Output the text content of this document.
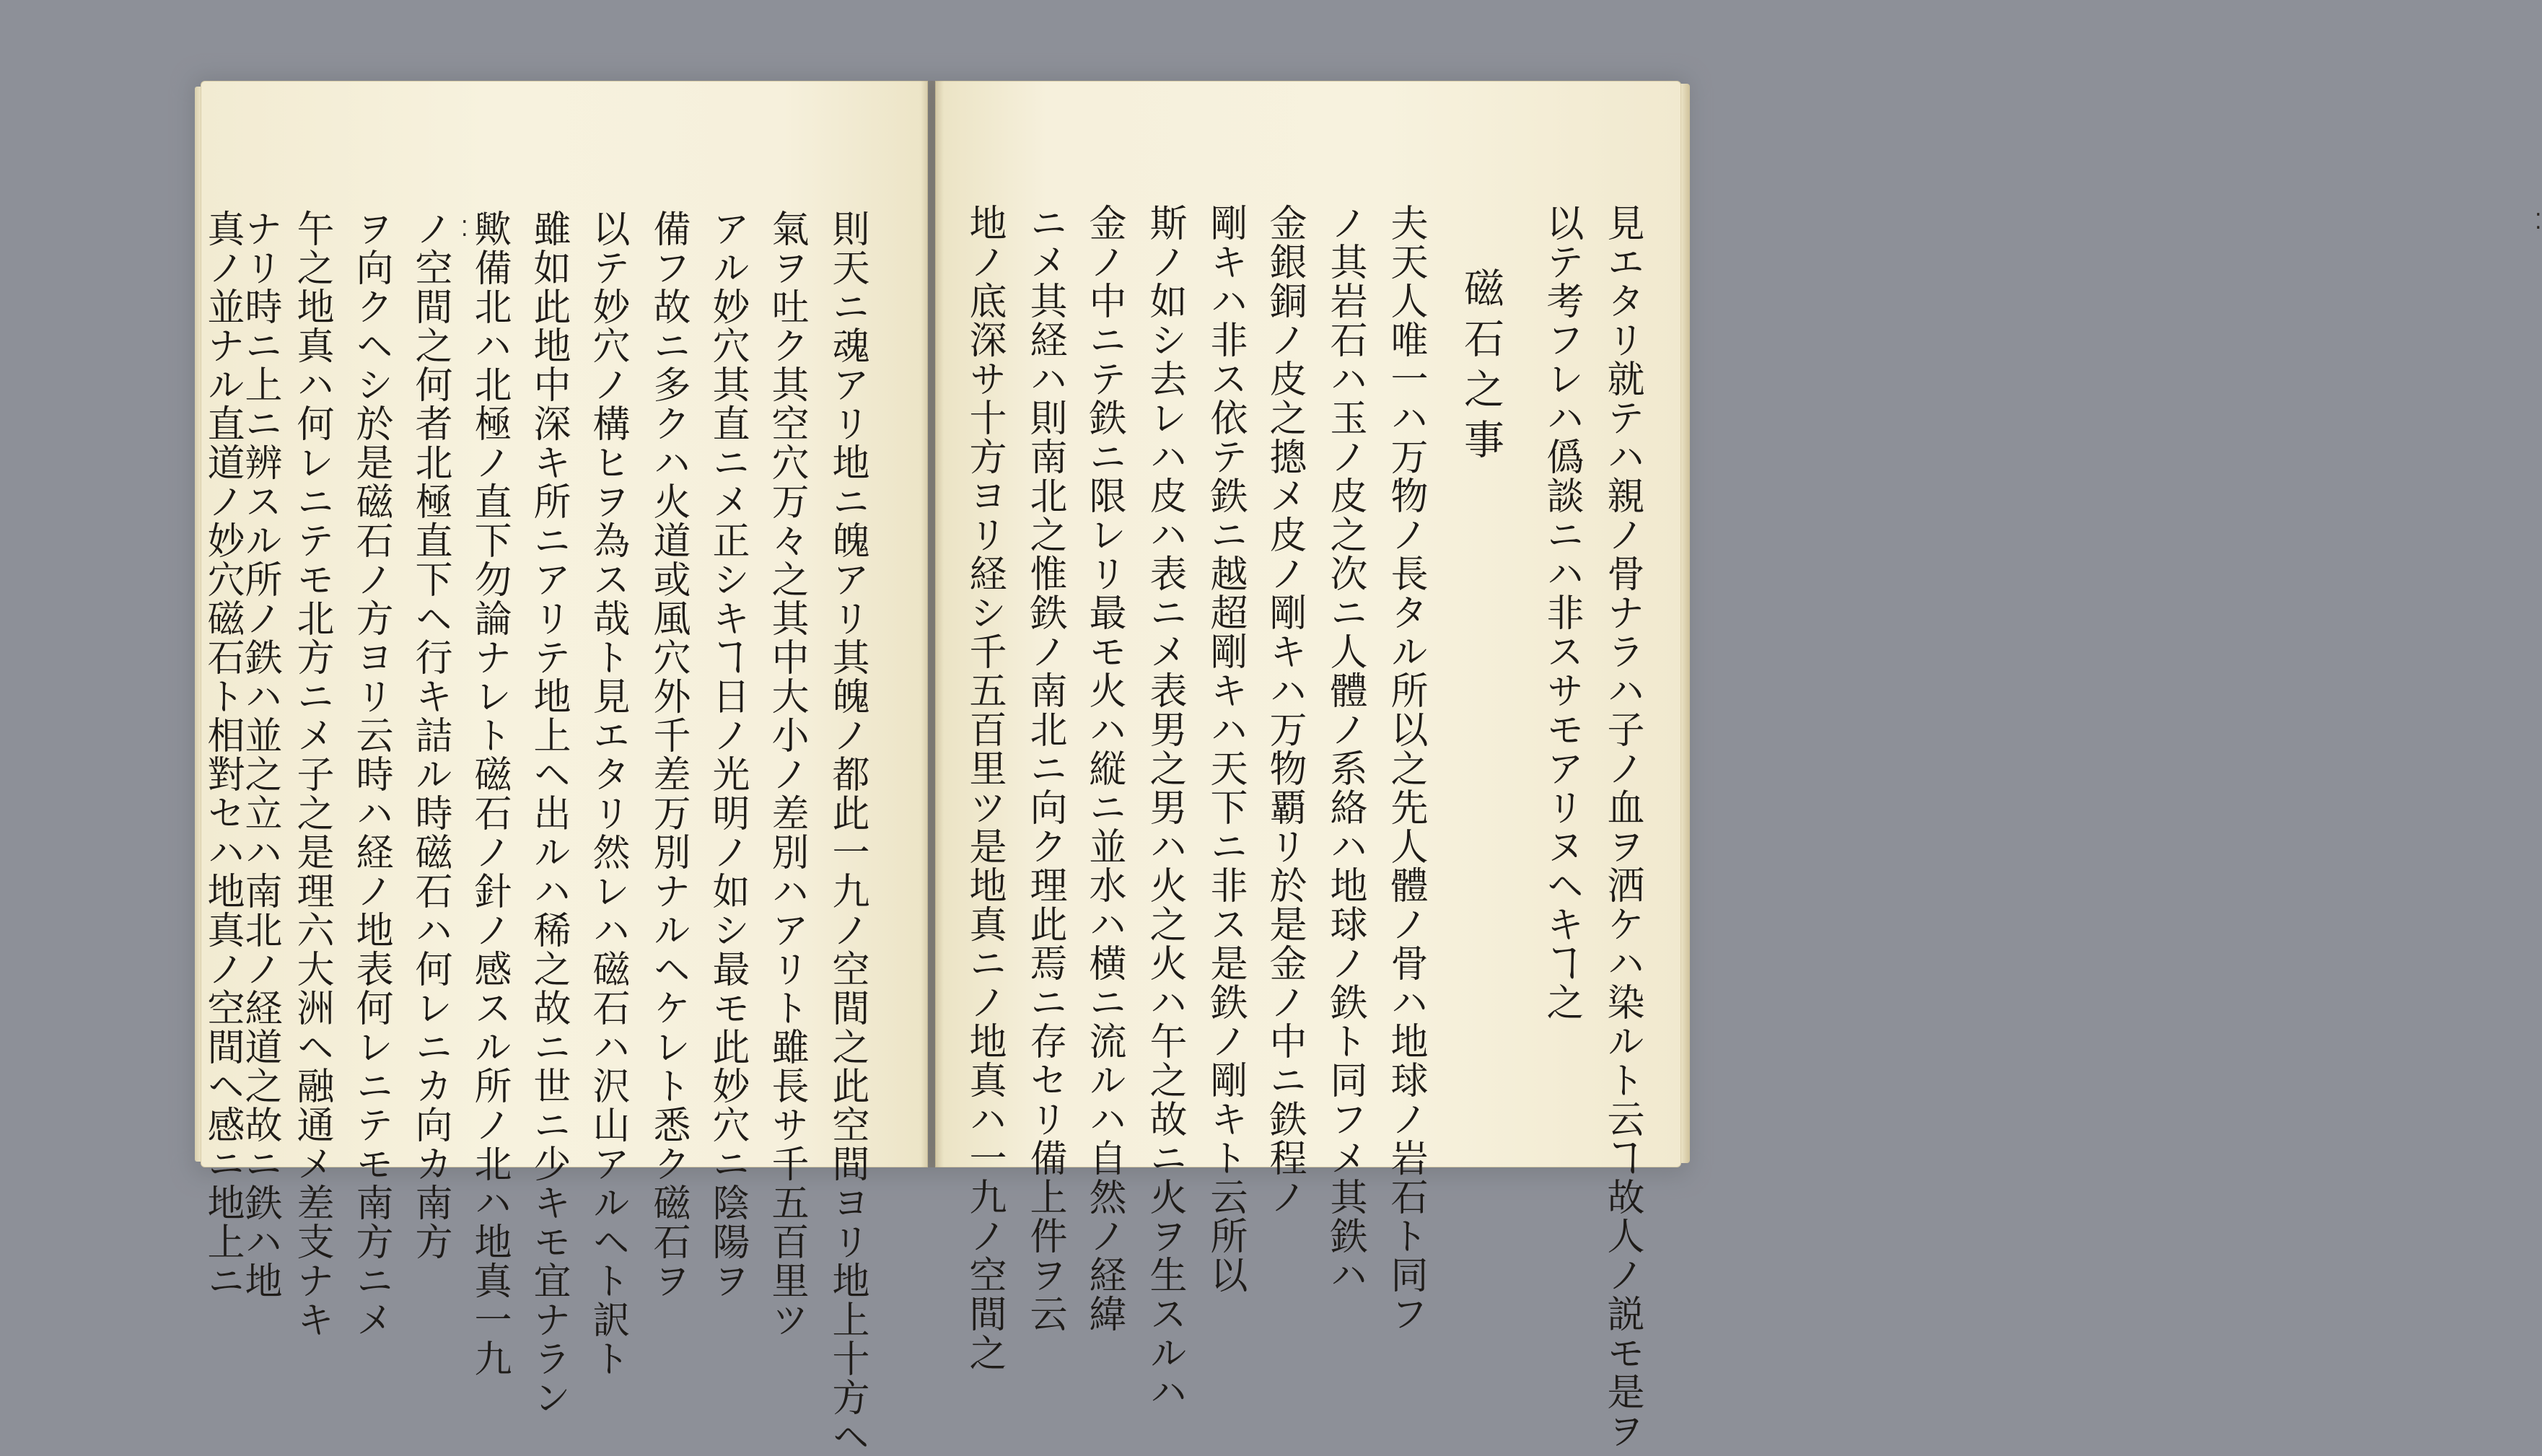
⁚	⁚
見エタリ就テハ親ノ骨ナラハ子ノ血ヲ洒ケハ染ルト云ヿ故人ノ説モ是ヲ
以テ考フレハ僞談ニハ非スサモアリヌヘキヿ之
磁石之事
夫天人唯一ハ万物ノ長タル所以之先人體ノ骨ハ地球ノ岩石ト同フ
ノ其岩石ハ玉ノ皮之次ニ人體ノ系絡ハ地球ノ鉄ト同フメ其鉄ハ
金銀銅ノ皮之摠メ皮ノ剛キハ万物覇リ於是金ノ中ニ鉄程ノ
剛キハ非ス依テ鉄ニ越超剛キハ天下ニ非ス是鉄ノ剛キト云所以
斯ノ如シ去レハ皮ハ表ニメ表男之男ハ火之火ハ午之故ニ火ヲ生スルハ
金ノ中ニテ鉄ニ限レリ最モ火ハ縦ニ並水ハ横ニ流ルハ自然ノ経緯
ニメ其経ハ則南北之惟鉄ノ南北ニ向ク理此焉ニ存セリ備上件ヲ云
地ノ底深サ十方ヨリ経シ千五百里ツ是地真ニノ地真ハ一九ノ空間之
則天ニ魂アリ地ニ魄アリ其魄ノ都此一九ノ空間之此空間ヨリ地上十方ヘ
氣ヲ吐ク其空穴万々之其中大小ノ差別ハアリト雖長サ千五百里ツ
アル妙穴其直ニメ正シキヿ日ノ光明ノ如シ最モ此妙穴ニ陰陽ヲ
備フ故ニ多クハ火道或風穴外千差万別ナルヘケレト悉ク磁石ヲ
以テ妙穴ノ構ヒヲ為ス哉ト見エタリ然レハ磁石ハ沢山アルヘト訳ト
雖如此地中深キ所ニアリテ地上ヘ出ルハ稀之故ニ世ニ少キモ宜ナラン
歟備北ハ北極ノ直下勿論ナレト磁石ノ針ノ感スル所ノ北ハ地真一九
ノ空間之何者北極直下ヘ行キ詰ル時磁石ハ何レニカ向カ南方
ヲ向クヘシ於是磁石ノ方ヨリ云時ハ経ノ地表何レニテモ南方ニメ
午之地真ハ何レニテモ北方ニメ子之是理六大洲ヘ融通メ差支ナキ
ナリ時ニ上ニ辨スル所ノ鉄ハ並之立ハ南北ノ経道之故ニ鉄ハ地
真ノ並ナル直道ノ妙穴磁石ト相對セハ地真ノ空間ヘ感ニ地上ニ
